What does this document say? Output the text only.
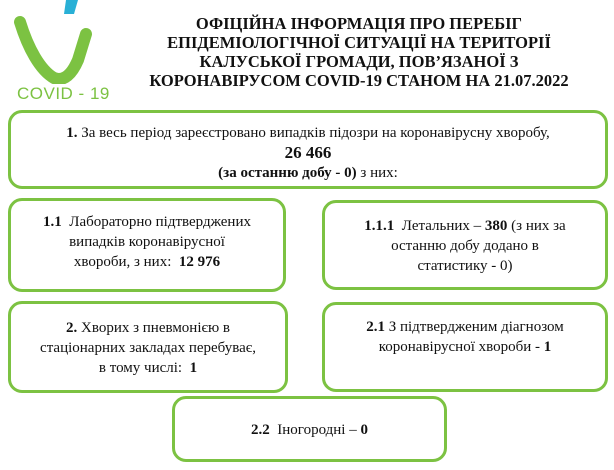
COVID - 19
ОФІЦІЙНА ІНФОРМАЦІЯ ПРО ПЕРЕБІГ
ЕПІДЕМІОЛОГІЧНОЇ СИТУАЦІЇ НА ТЕРИТОРІЇ
КАЛУСЬКОЇ ГРОМАДИ, ПОВ’ЯЗАНОЇ З
КОРОНАВІРУСОМ COVID-19 СТАНОМ НА 21.07.2022
1. За весь період зареєстровано випадків підозри на коронавірусну хворобу,
26 466
(за останню добу - 0) з них:
1.1 Лабораторно підтверджених
випадків коронавірусної
хвороби, з них: 12 976
1.1.1 Летальних – 380 (з них за
останню добу додано в
статистику - 0)
2. Хворих з пневмонією в
стаціонарних закладах перебуває,
в тому числі: 1
2.1 З підтвердженим діагнозом
коронавірусної хвороби - 1
2.2 Іногородні – 0
